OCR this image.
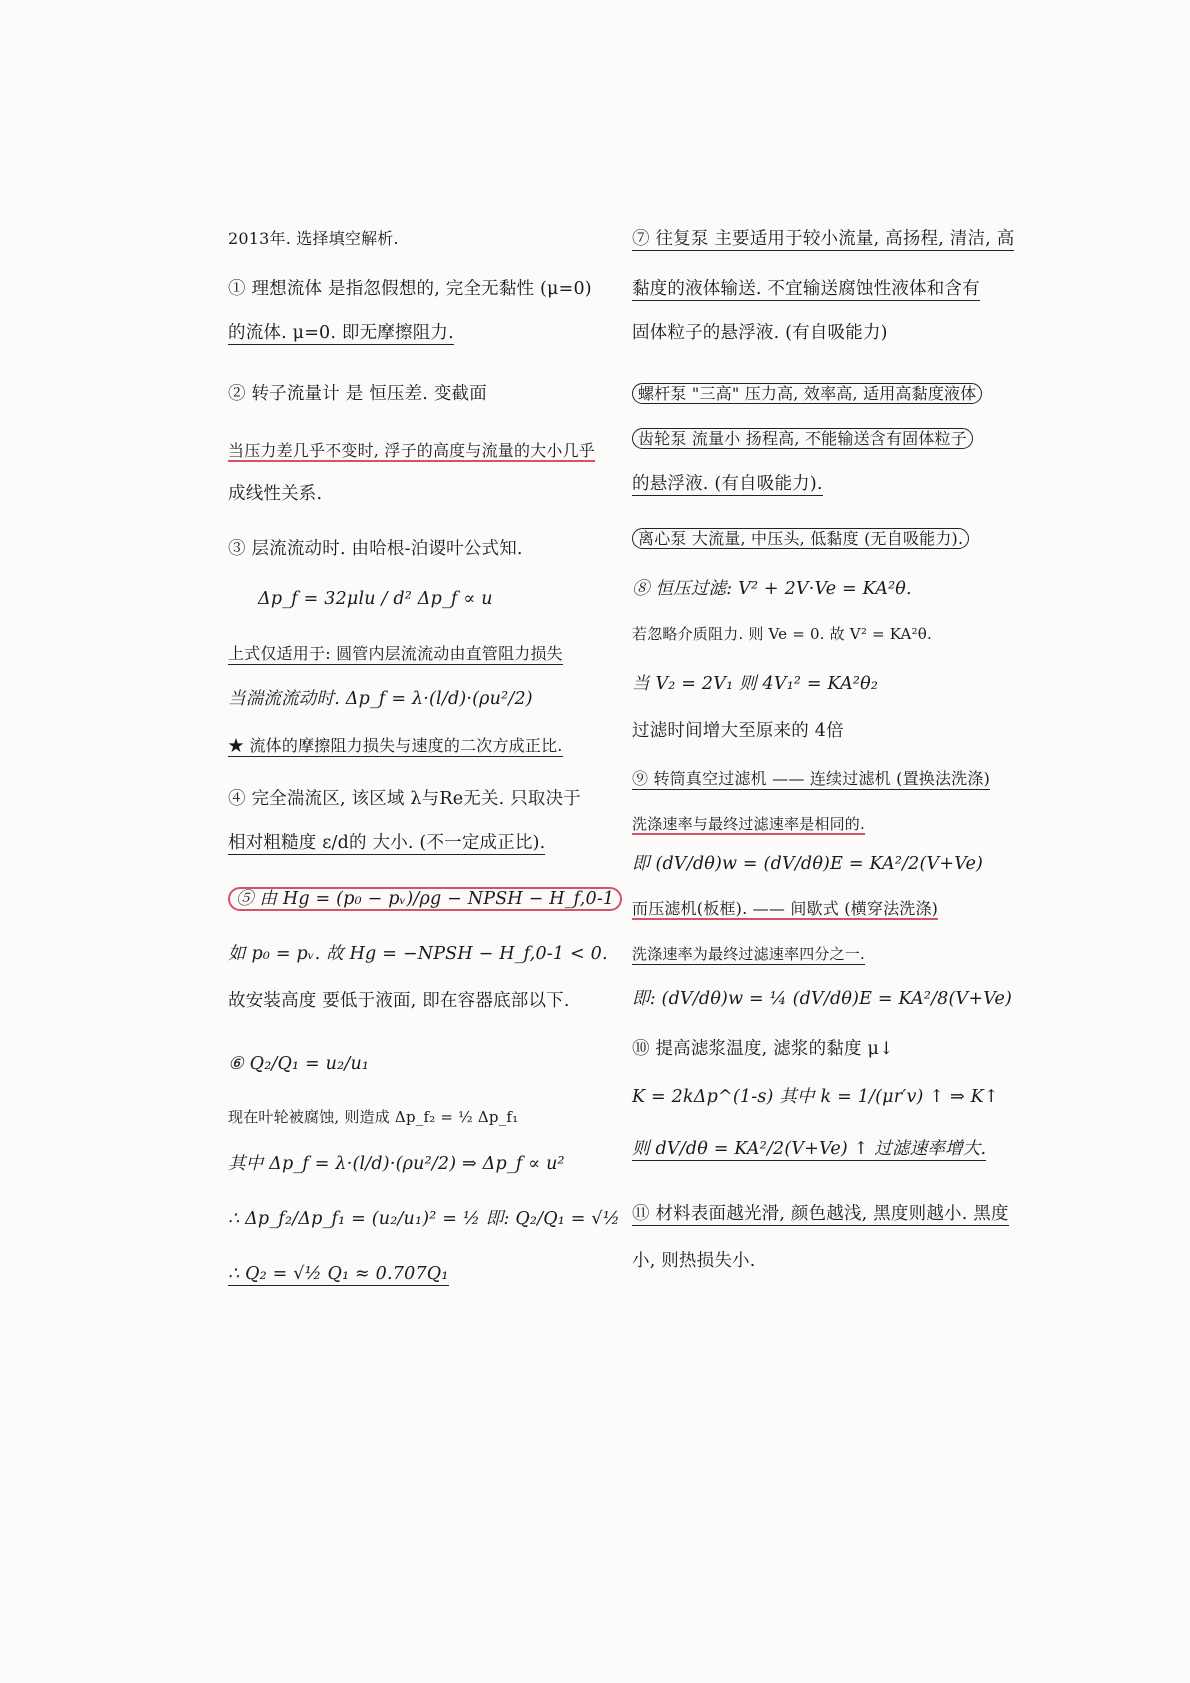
2013年. 选择填空解析.
① 理想流体 是指忽假想的, 完全无黏性 (μ=0)
的流体. μ=0. 即无摩擦阻力.
② 转子流量计 是 恒压差. 变截面
当压力差几乎不变时, 浮子的高度与流量的大小几乎
成线性关系.
③ 层流流动时. 由哈根-泊谡叶公式知.
Δp_f = 32μlu / d² Δp_f ∝ u
上式仅适用于: 圆管内层流流动由直管阻力损失
当湍流流动时. Δp_f = λ·(l/d)·(ρu²/2)
★ 流体的摩擦阻力损失与速度的二次方成正比.
④ 完全湍流区, 该区域 λ与Re无关. 只取决于
相对粗糙度 ε/d的 大小. (不一定成正比).
⑤ 由 Hg = (p₀ − pᵥ)/ρg − NPSH − H_f,0-1
如 p₀ = pᵥ. 故 Hg = −NPSH − H_f,0-1 < 0.
故安装高度 要低于液面, 即在容器底部以下.
⑥ Q₂/Q₁ = u₂/u₁
现在叶轮被腐蚀, 则造成 Δp_f₂ = ½ Δp_f₁
其中 Δp_f = λ·(l/d)·(ρu²/2) ⇒ Δp_f ∝ u²
∴ Δp_f₂/Δp_f₁ = (u₂/u₁)² = ½ 即: Q₂/Q₁ = √½
∴ Q₂ = √½ Q₁ ≈ 0.707Q₁
⑦ 往复泵 主要适用于较小流量, 高扬程, 清洁, 高
黏度的液体输送. 不宜输送腐蚀性液体和含有
固体粒子的悬浮液. (有自吸能力)
螺杆泵 "三高" 压力高, 效率高, 适用高黏度液体
齿轮泵 流量小 扬程高, 不能输送含有固体粒子
的悬浮液. (有自吸能力).
离心泵 大流量, 中压头, 低黏度 (无自吸能力).
⑧ 恒压过滤: V² + 2V·Ve = KA²θ.
若忽略介质阻力. 则 Ve = 0. 故 V² = KA²θ.
当 V₂ = 2V₁ 则 4V₁² = KA²θ₂
过滤时间增大至原来的 4倍
⑨ 转筒真空过滤机 —— 连续过滤机 (置换法洗涤)
洗涤速率与最终过滤速率是相同的.
即 (dV/dθ)w = (dV/dθ)E = KA²/2(V+Ve)
而压滤机(板框). —— 间歇式 (横穿法洗涤)
洗涤速率为最终过滤速率四分之一.
即: (dV/dθ)w = ¼ (dV/dθ)E = KA²/8(V+Ve)
⑩ 提高滤浆温度, 滤浆的黏度 μ↓
K = 2kΔp^(1-s) 其中 k = 1/(μr′v) ↑ ⇒ K↑
则 dV/dθ = KA²/2(V+Ve) ↑ 过滤速率增大.
⑪ 材料表面越光滑, 颜色越浅, 黑度则越小. 黑度
小, 则热损失小.
